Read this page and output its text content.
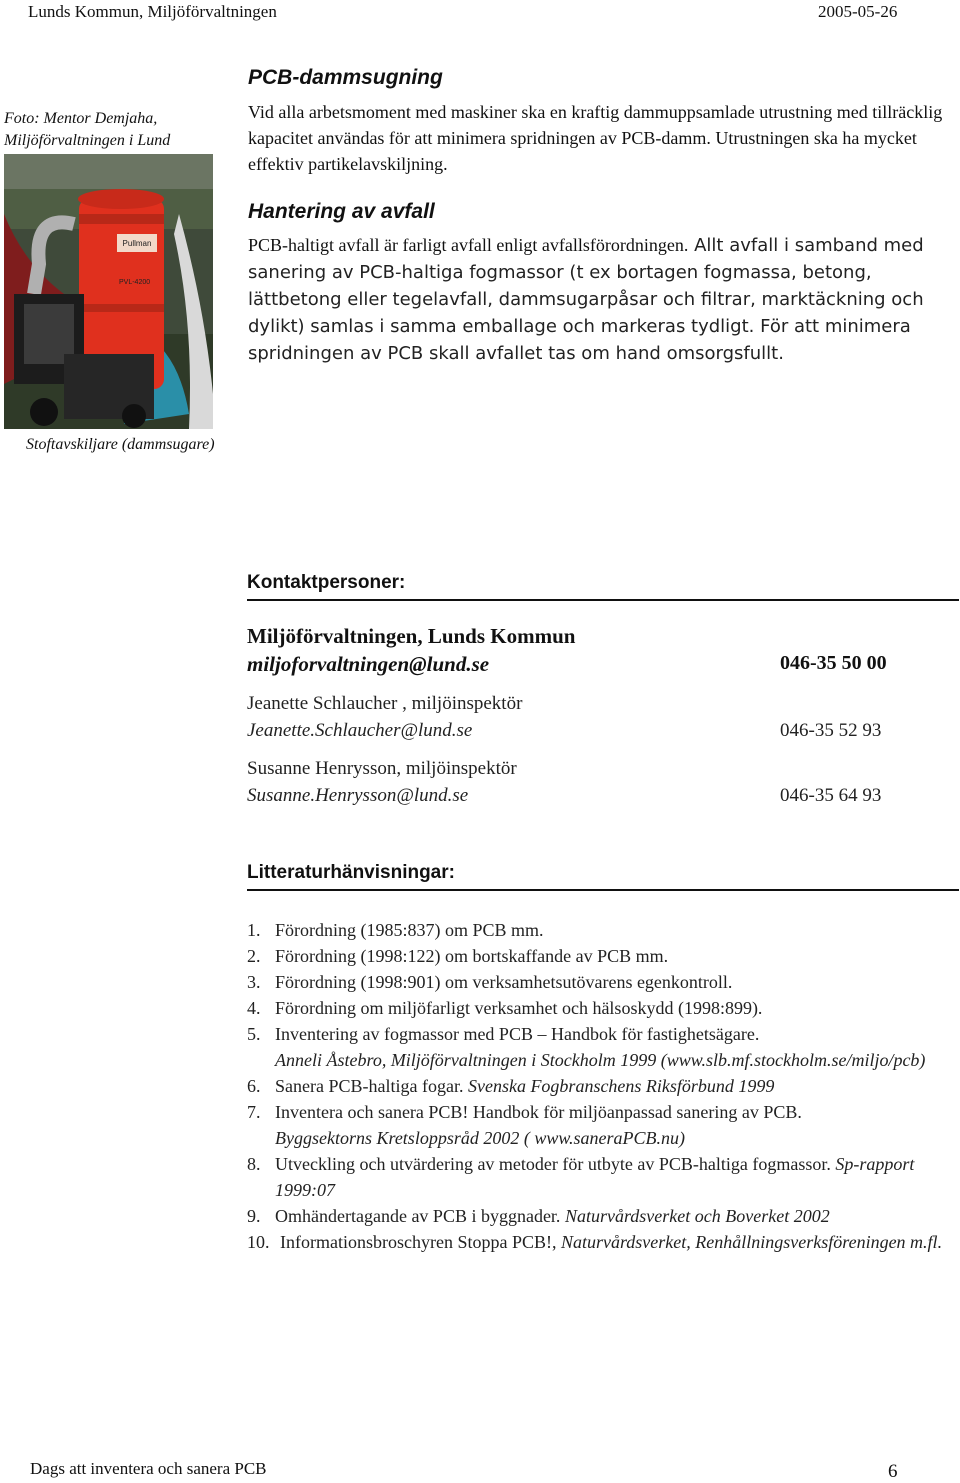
Lunds Kommun, Miljöförvaltningen	2005-05-26
Foto: Mentor Demjaha,
Miljöförvaltningen i Lund
Pullman
PVL-4200
Stoftavskiljare (dammsugare)
PCB-dammsugning
Vid alla arbetsmoment med maskiner ska en kraftig dammuppsamlade utrustning med tillräcklig kapacitet användas för att minimera spridningen av PCB-damm. Utrustningen ska ha mycket effektiv partikelavskiljning.
Hantering av avfall
PCB-haltigt avfall är farligt avfall enligt avfallsförordningen. Allt avfall i samband med sanering av PCB-haltiga fogmassor (t ex bortagen fogmassa, betong, lättbetong eller tegelavfall, dammsugarpåsar och filtrar, marktäckning och dylikt) samlas i samma emballage och markeras tydligt. För att minimera spridningen av PCB skall avfallet tas om hand omsorgsfullt.
Kontaktpersoner:
Miljöförvaltningen, Lunds Kommun
miljoforvaltningen@lund.se	046-35 50 00
Jeanette Schlaucher , miljöinspektör
Jeanette.Schlaucher@lund.se	046-35 52 93
Susanne Henrysson, miljöinspektör
Susanne.Henrysson@lund.se	046-35 64 93
Litteraturhänvisningar:
1. Förordning (1985:837) om PCB mm.
2. Förordning (1998:122) om bortskaffande av PCB mm.
3. Förordning (1998:901) om verksamhetsutövarens egenkontroll.
4. Förordning om miljöfarligt verksamhet och hälsoskydd (1998:899).
5. Inventering av fogmassor med PCB – Handbok för fastighetsägare.
Anneli Åstebro, Miljöförvaltningen i Stockholm 1999 (www.slb.mf.stockholm.se/miljo/pcb)
6. Sanera PCB-haltiga fogar. Svenska Fogbranschens Riksförbund 1999
7. Inventera och sanera PCB! Handbok för miljöanpassad sanering av PCB.
Byggsektorns Kretsloppsråd 2002 ( www.saneraPCB.nu)
8. Utveckling och utvärdering av metoder för utbyte av PCB-haltiga fogmassor. Sp-rapport 1999:07
9. Omhändertagande av PCB i byggnader. Naturvårdsverket och Boverket 2002
10. Informationsbroschyren Stoppa PCB!, Naturvårdsverket, Renhållningsverksföreningen m.fl.
Dags att inventera och sanera PCB	6
